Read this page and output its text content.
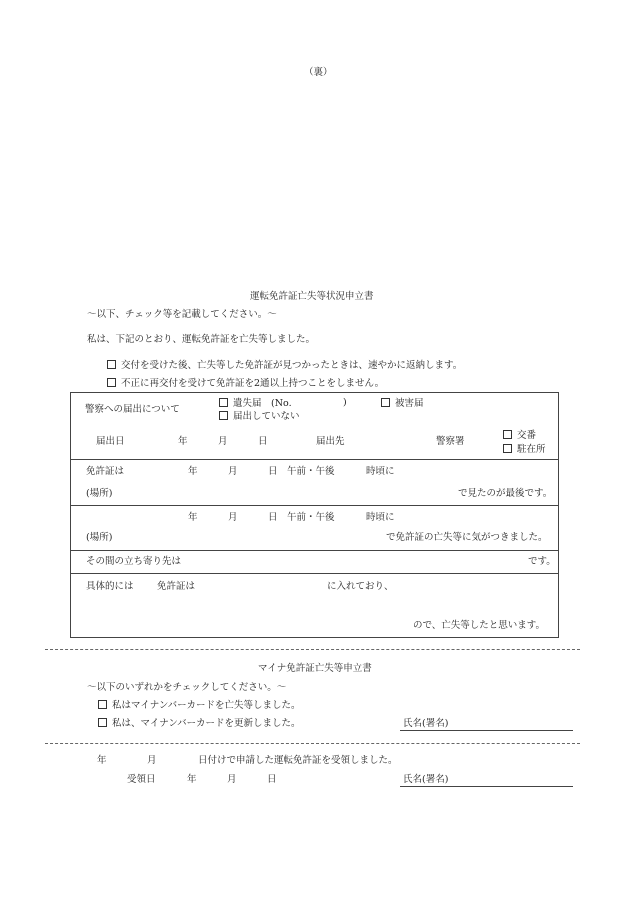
（裏）
運転免許証亡失等状況申立書
〜以下、チェック等を記載してください。〜
私は、下記のとおり、運転免許証を亡失等しました。
交付を受けた後、亡失等した免許証が見つかったときは、速やかに返納します。
不正に再交付を受けて免許証を2通以上持つことをしません。
警察への届出について
遺失届　(No.	)	被害届
届出していない
届出日	年	月	日	届出先	警察署
交番
駐在所
免許証は	年	月	日 午前・午後	時頃に
(場所)	で見たのが最後です。
年	月	日 午前・午後	時頃に
(場所)	で免許証の亡失等に気がつきました。
その間の立ち寄り先は	です。
具体的には 免許証は	に入れており、
ので、亡失等したと思います。
マイナ免許証亡失等申立書
〜以下のいずれかをチェックしてください。〜
私はマイナンバーカードを亡失等しました。
私は、マイナンバーカードを更新しました。	氏名(署名)
年	月	日付けで申請した運転免許証を受領しました。
受領日	年	月	日	氏名(署名)
